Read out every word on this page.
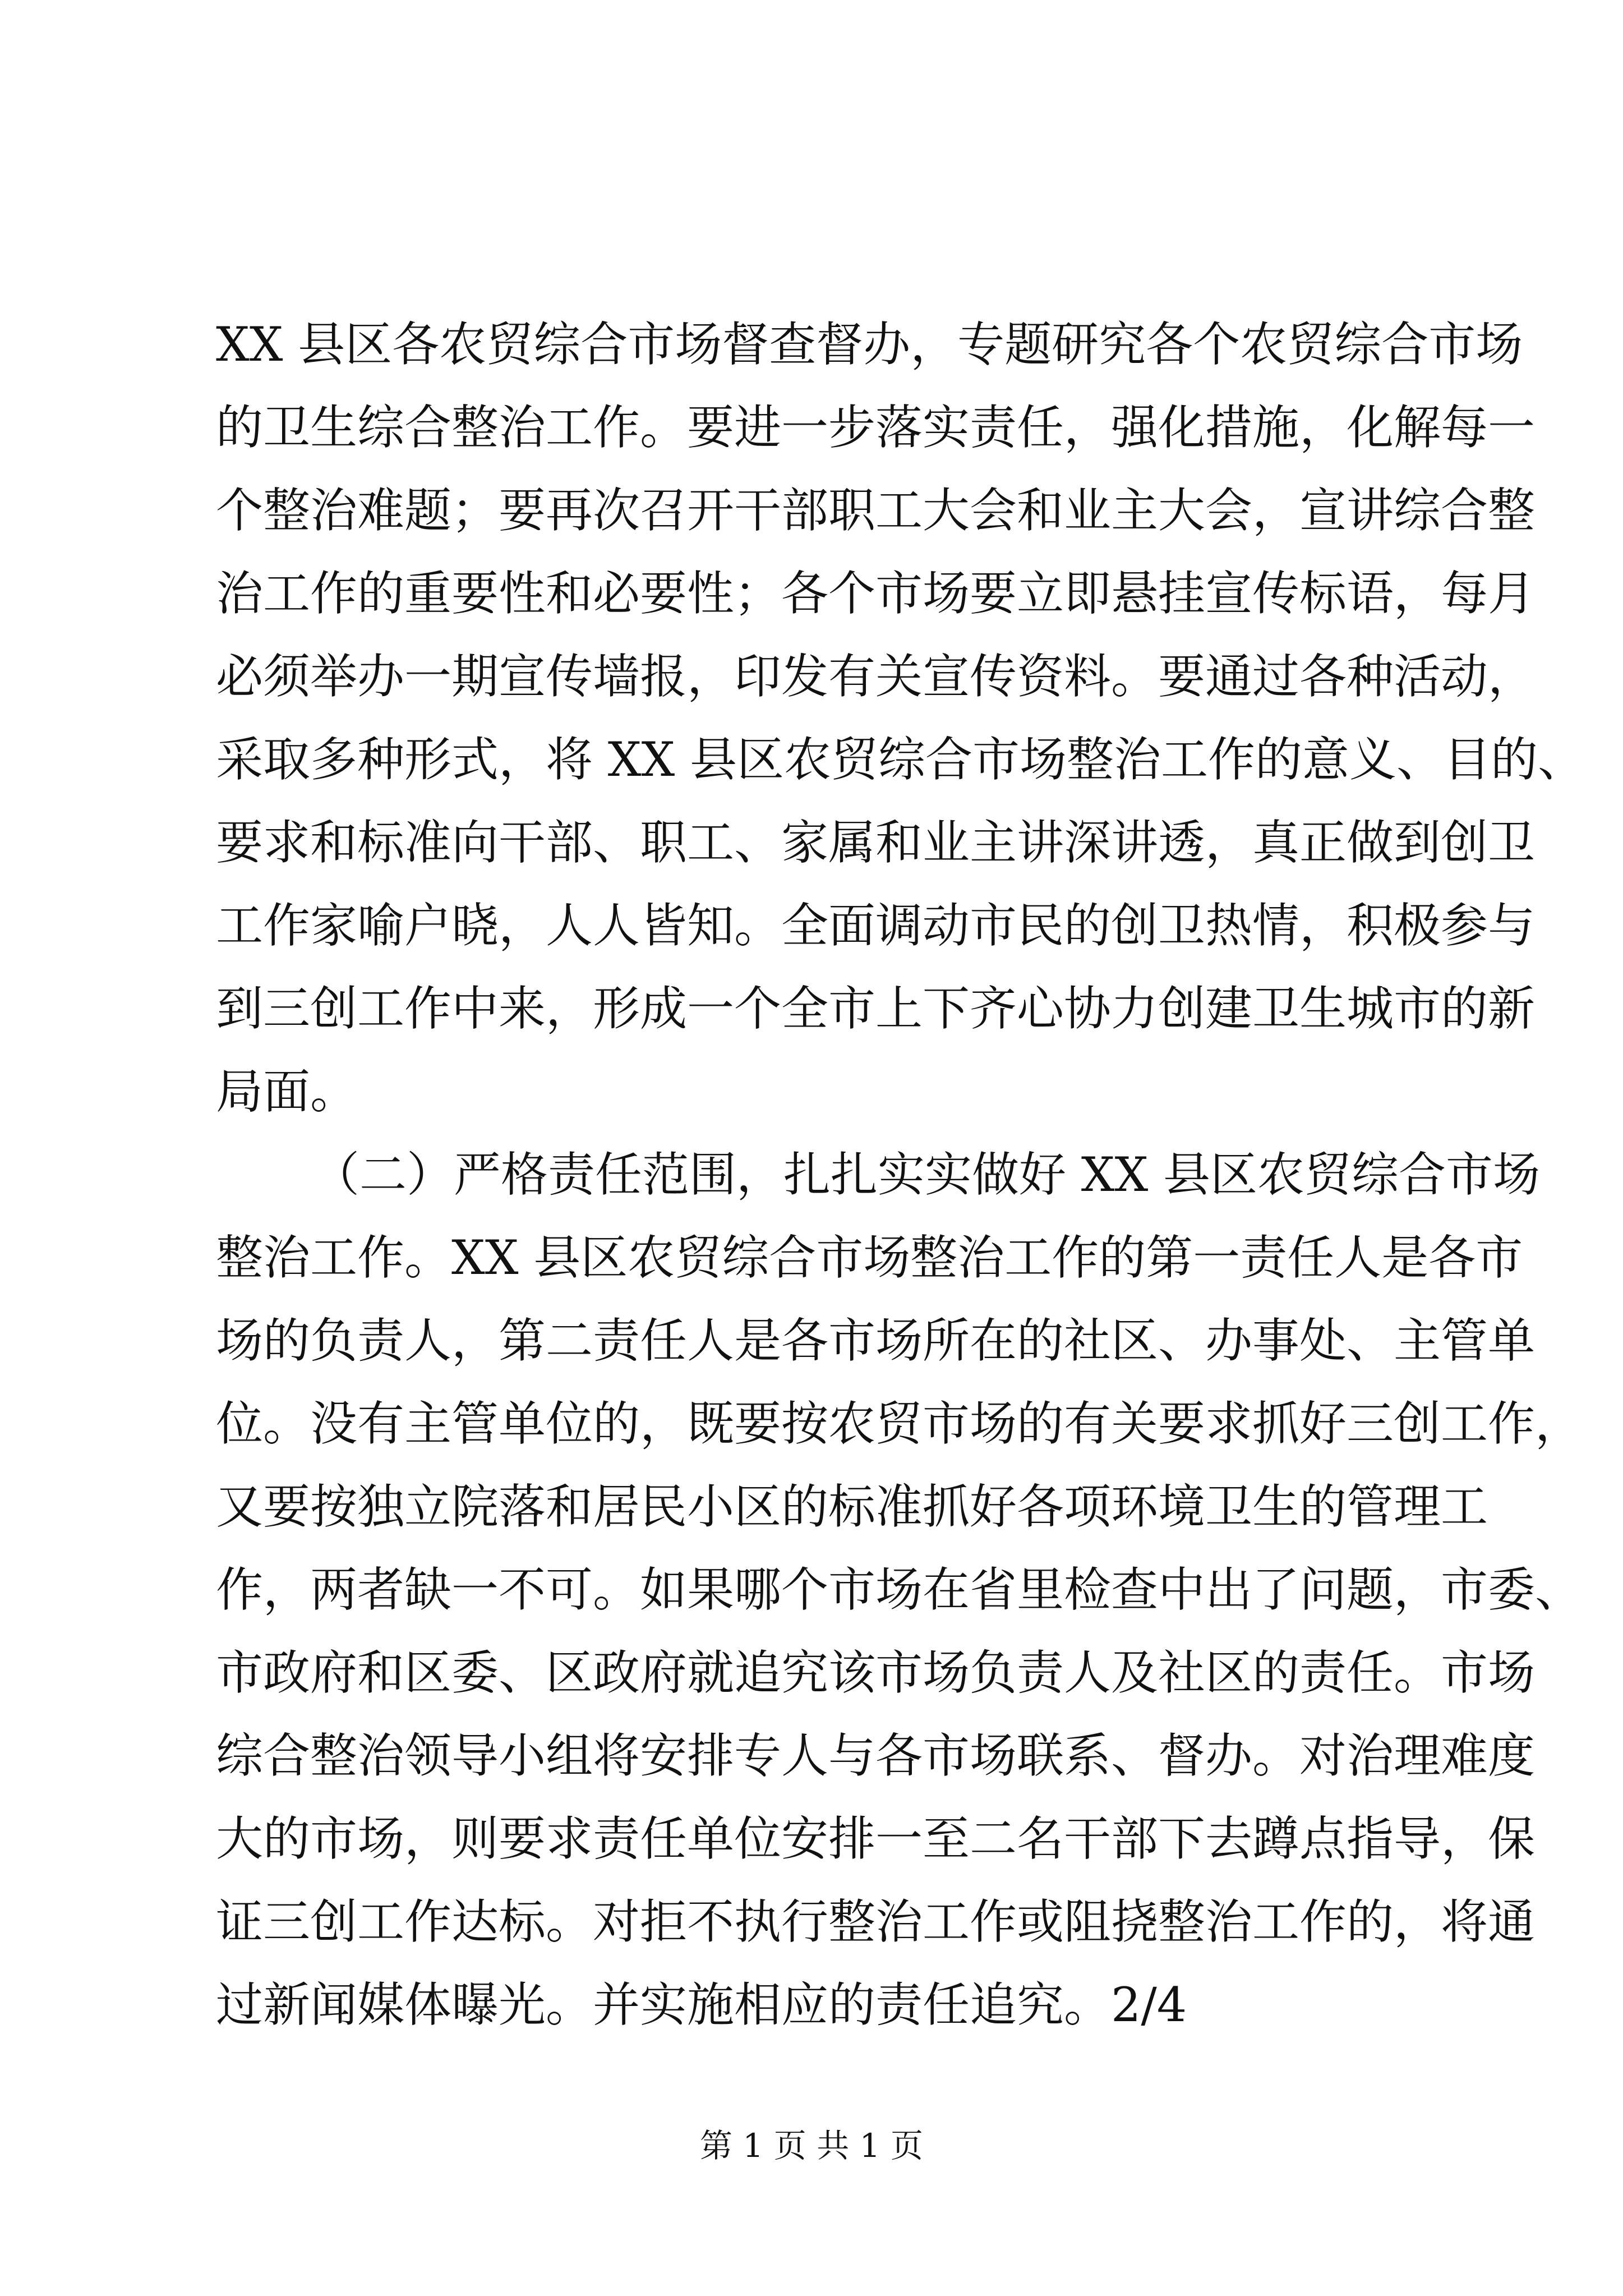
XX 县区各农贸综合市场督查督办，专题研究各个农贸综合市场
的卫生综合整治工作。要进一步落实责任，强化措施，化解每一
个整治难题；要再次召开干部职工大会和业主大会，宣讲综合整
治工作的重要性和必要性；各个市场要立即悬挂宣传标语，每月
必须举办一期宣传墙报，印发有关宣传资料。要通过各种活动，
采取多种形式，将 XX 县区农贸综合市场整治工作的意义、目的、
要求和标准向干部、职工、家属和业主讲深讲透，真正做到创卫
工作家喻户晓，人人皆知。全面调动市民的创卫热情，积极参与
到三创工作中来，形成一个全市上下齐心协力创建卫生城市的新
局面。
（二）严格责任范围，扎扎实实做好 XX 县区农贸综合市场
整治工作。XX 县区农贸综合市场整治工作的第一责任人是各市
场的负责人，第二责任人是各市场所在的社区、办事处、主管单
位。没有主管单位的，既要按农贸市场的有关要求抓好三创工作，
又要按独立院落和居民小区的标准抓好各项环境卫生的管理工
作，两者缺一不可。如果哪个市场在省里检查中出了问题，市委、
市政府和区委、区政府就追究该市场负责人及社区的责任。市场
综合整治领导小组将安排专人与各市场联系、督办。对治理难度
大的市场，则要求责任单位安排一至二名干部下去蹲点指导，保
证三创工作达标。对拒不执行整治工作或阻挠整治工作的，将通
过新闻媒体曝光。并实施相应的责任追究。2/4
第 1 页 共 1 页
